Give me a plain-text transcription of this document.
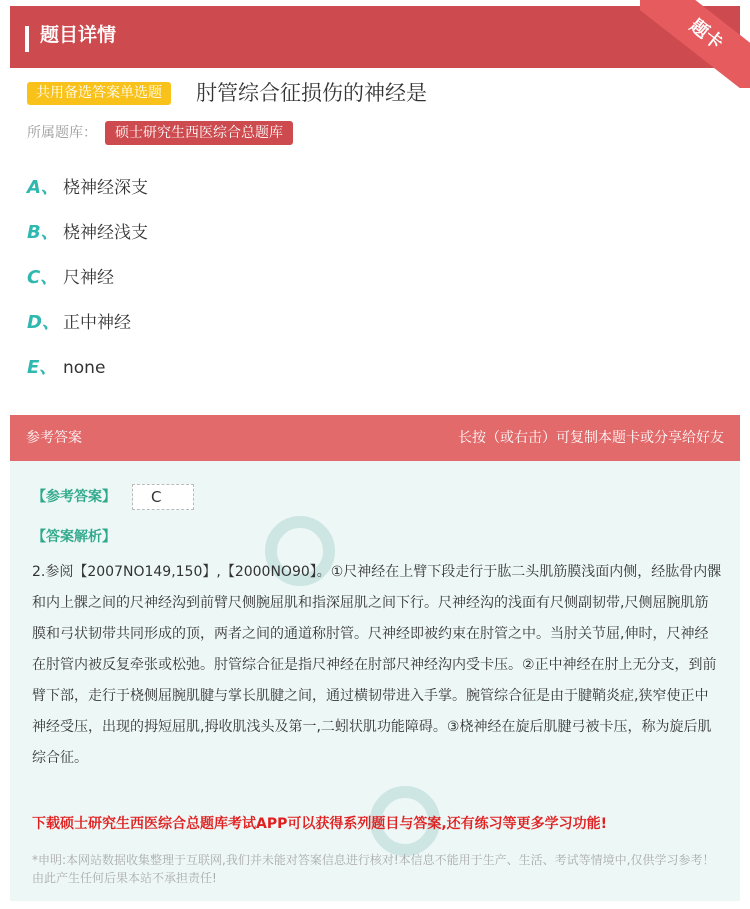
题目详情	题卡
共用备选答案单选题	肘管综合征损伤的神经是
所属题库：	硕士研究生西医综合总题库
A、 桡神经深支
B、 桡神经浅支
C、 尺神经
D、 正中神经
E、 none
参考答案	长按（或右击）可复制本题卡或分享给好友
【参考答案】	C
【答案解析】
2.参阅【2007NO149,150】,【2000NO90】。①尺神经在上臂下段走行于肱二头肌筋膜浅面内侧，经肱骨内髁和内上髁之间的尺神经沟到前臂尺侧腕屈肌和指深屈肌之间下行。尺神经沟的浅面有尺侧副韧带,尺侧屈腕肌筋膜和弓状韧带共同形成的顶，两者之间的通道称肘管。尺神经即被约束在肘管之中。当肘关节屈,伸时，尺神经在肘管内被反复牵张或松弛。肘管综合征是指尺神经在肘部尺神经沟内受卡压。②正中神经在肘上无分支，到前臂下部，走行于桡侧屈腕肌腱与掌长肌腱之间，通过横韧带进入手掌。腕管综合征是由于腱鞘炎症,狭窄使正中神经受压，出现的拇短屈肌,拇收肌浅头及第一,二蚓状肌功能障碍。③桡神经在旋后肌腱弓被卡压，称为旋后肌综合征。
下载硕士研究生西医综合总题库考试APP可以获得系列题目与答案,还有练习等更多学习功能!
*申明:本网站数据收集整理于互联网,我们并未能对答案信息进行核对!本信息不能用于生产、生活、考试等情境中,仅供学习参考！由此产生任何后果本站不承担责任!
